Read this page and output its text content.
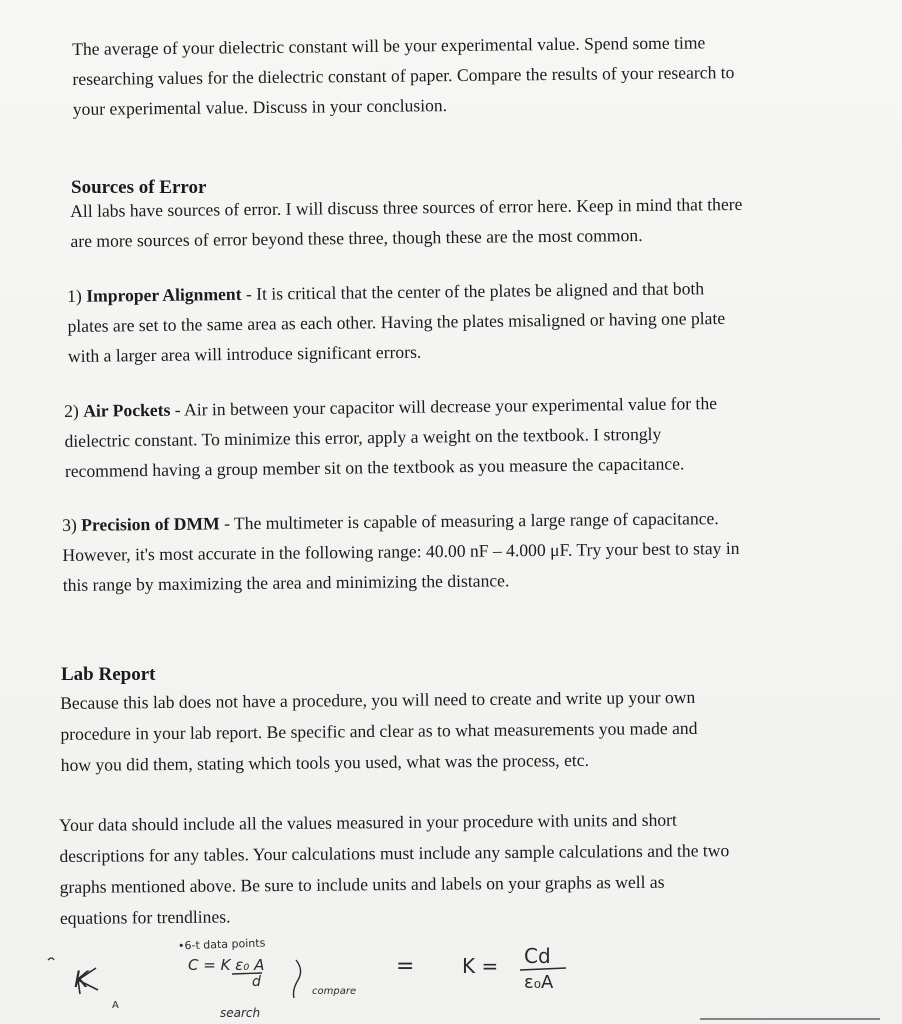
The average of your dielectric constant will be your experimental value. Spend some time
researching values for the dielectric constant of paper. Compare the results of your research to
your experimental value. Discuss in your conclusion.
Sources of Error
All labs have sources of error. I will discuss three sources of error here. Keep in mind that there
are more sources of error beyond these three, though these are the most common.
1) Improper Alignment - It is critical that the center of the plates be aligned and that both
plates are set to the same area as each other. Having the plates misaligned or having one plate
with a larger area will introduce significant errors.
2) Air Pockets - Air in between your capacitor will decrease your experimental value for the
dielectric constant. To minimize this error, apply a weight on the textbook. I strongly
recommend having a group member sit on the textbook as you measure the capacitance.
3) Precision of DMM - The multimeter is capable of measuring a large range of capacitance.
However, it's most accurate in the following range: 40.00 nF – 4.000 μF. Try your best to stay in
this range by maximizing the area and minimizing the distance.
Lab Report
Because this lab does not have a procedure, you will need to create and write up your own
procedure in your lab report. Be specific and clear as to what measurements you made and
how you did them, stating which tools you used, what was the process, etc.
Your data should include all the values measured in your procedure with units and short
descriptions for any tables. Your calculations must include any sample calculations and the two
graphs mentioned above. Be sure to include units and labels on your graphs as well as
equations for trendlines.
•6-t data points
C = K ε₀ A
d
compare
= K = Cd
ε₀A
K
A
search
